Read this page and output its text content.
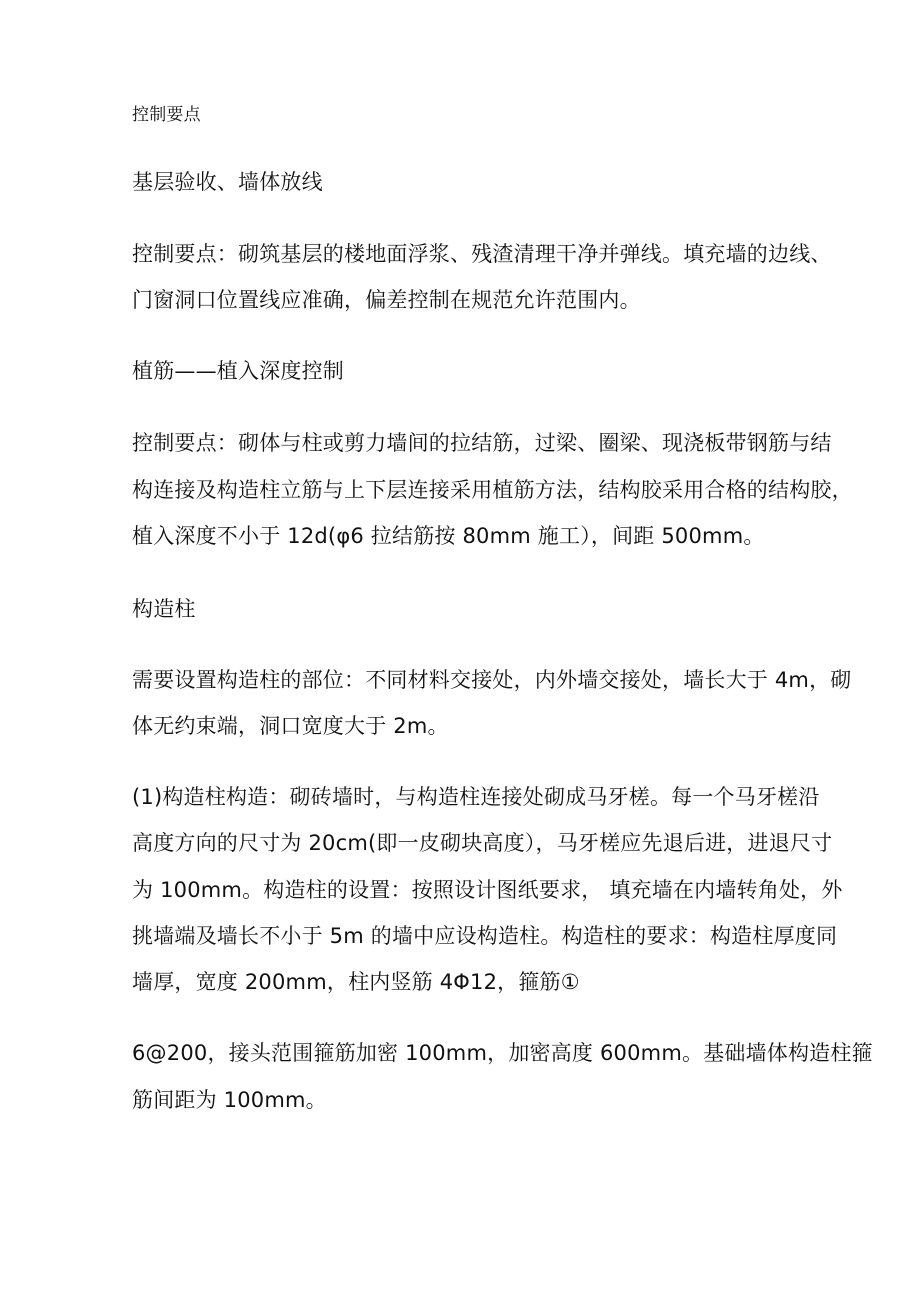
控制要点
基层验收、墙体放线
控制要点：砌筑基层的楼地面浮浆、残渣清理干净并弹线。填充墙的边线、
门窗洞口位置线应准确，偏差控制在规范允许范围内。
植筋——植入深度控制
控制要点：砌体与柱或剪力墙间的拉结筋，过梁、圈梁、现浇板带钢筋与结
构连接及构造柱立筋与上下层连接采用植筋方法，结构胶采用合格的结构胶，
植入深度不小于 12d(φ6 拉结筋按 80mm 施工），间距 500mm。
构造柱
需要设置构造柱的部位：不同材料交接处，内外墙交接处，墙长大于 4m，砌
体无约束端，洞口宽度大于 2m。
(1)构造柱构造：砌砖墙时，与构造柱连接处砌成马牙槎。每一个马牙槎沿
高度方向的尺寸为 20cm(即一皮砌块高度），马牙槎应先退后进，进退尺寸
为 100mm。构造柱的设置：按照设计图纸要求， 填充墙在内墙转角处，外
挑墙端及墙长不小于 5m 的墙中应设构造柱。构造柱的要求：构造柱厚度同
墙厚，宽度 200mm，柱内竖筋 4Φ12，箍筋①
6@200，接头范围箍筋加密 100mm，加密高度 600mm。基础墙体构造柱箍
筋间距为 100mm。
